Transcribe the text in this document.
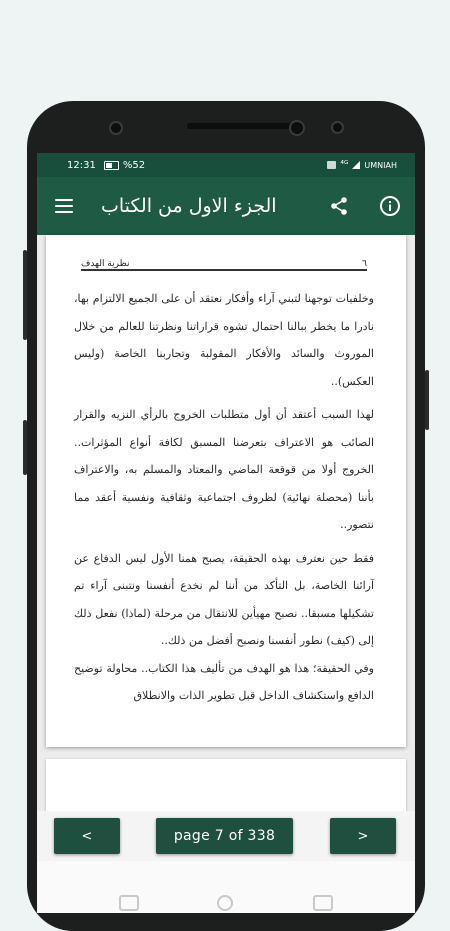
12:31	%52	⁴ᴳ UMNIAH
الجزء الاول من الكتاب
٦
نظرية الهدف

وخلفيات توجهنا لتبني آراء وأفكار نعتقد أن على الجميع الالتزام بها، نادرا ما يخطر ببالنا احتمال تشوه قراراتنا ونظرتنا للعالم من خلال الموروث والسائد والأفكار المقولبة وتجاربنا الخاصة (وليس العكس)..

لهذا السبب أعتقد أن أول متطلبات الخروج بالرأي النزيه والقرار الصائب هو الاعتراف بتعرضنا المسبق لكافة أنواع المؤثرات.. الخروج أولا من قوقعة الماضي والمعتاد والمسلم به، والاعتراف بأننا (محصلة نهائية) لظروف اجتماعية وثقافية ونفسية أعقد مما نتصور..

فقط حين نعترف بهذه الحقيقة، يصبح همنا الأول ليس الدفاع عن آرائنا الخاصة، بل التأكد من أننا لم نخدع أنفسنا ونتبنى آراء تم تشكيلها مسبقا.. نصبح مهيأين للانتقال من مرحلة (لماذا) نفعل ذلك إلى (كيف) نطور أنفسنا ونصبح أفضل من ذلك..

وفي الحقيقة؛ هذا هو الهدف من تأليف هذا الكتاب.. محاولة توضيح الدافع واستكشاف الداخل قبل تطوير الذات والانطلاق

<	page 7 of 338	>
